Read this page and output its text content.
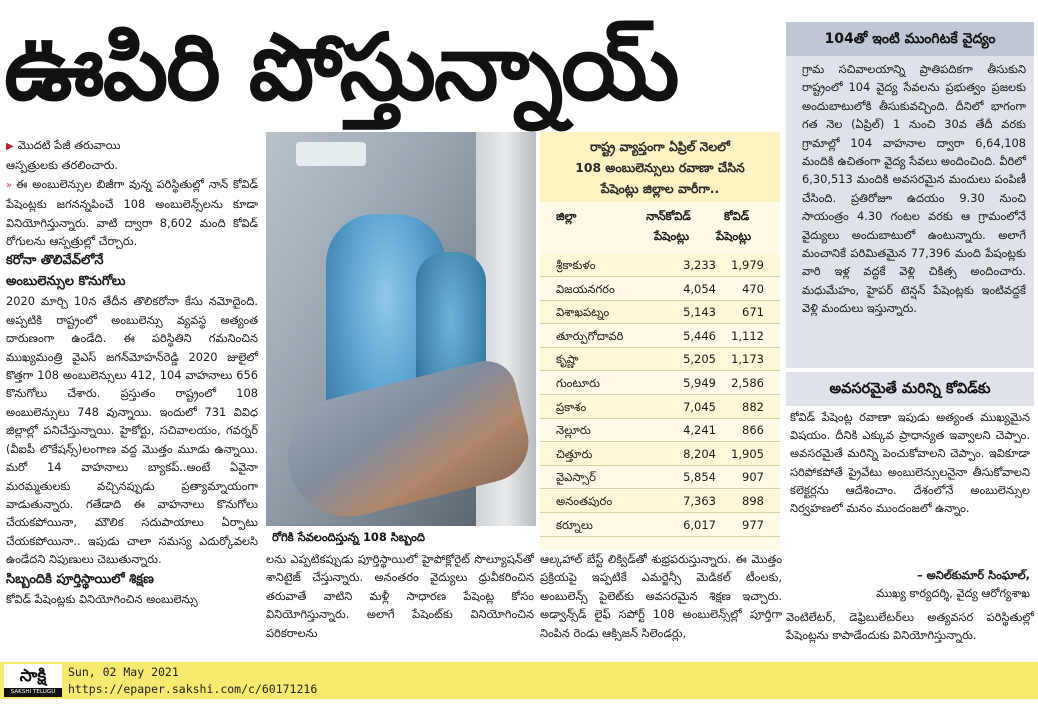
ఊపిరి పోస్తున్నాయ్

▶ మొదటి పేజీ తరువాయి

ఆస్పత్రులకు తరలించారు.

» ఈ అంబులెన్సుల బిజీగా వున్న పరిస్థితుల్లో నాన్ కోవిడ్ పేషెంట్లకు జగనన్నపించే 108 అంబులెన్స్‌లను కూడా వినియోగిస్తున్నారు. వాటి ద్వారా 8,602 మంది కోవిడ్ రోగులను ఆస్పత్రుల్లో చేర్చారు.

కరోనా తొలివేవ్‌లోనే

అంబులెన్సుల కొనుగోలు

2020 మార్చి 10న తేదీన తొలికరోనా కేసు నమోదైంది. అప్పటికి రాష్ట్రంలో అంబులెన్సు వ్యవస్థ అత్యంత దారుణంగా ఉండేది. ఈ పరిస్థితిని గమనించిన ముఖ్యమంత్రి వైఎస్ జగన్‌మోహన్‌రెడ్డి 2020 జులైలో కొత్తగా 108 అంబులెన్సులు 412, 104 వాహనాలు 656 కొనుగోలు చేశారు. ప్రస్తుతం రాష్ట్రంలో 108 అంబులెన్సులు 748 వున్నాయి. ఇందులో 731 వివిధ జిల్లాల్లో పనిచేస్తున్నాయి. హైకోర్టు, సచివాలయం, గవర్నర్ (వీఐపీ లొకేషన్స్)లంగాణ వద్ద మొత్తం మూడు ఉన్నాయి. మరో 14 వాహనాలు బ్యాకప్..అంటే ఏవైనా మరమ్మతులకు వచ్చినప్పుడు ప్రత్యామ్నాయంగా వాడుతున్నారు. గతేడాది ఈ వాహనాలు కొనుగోలు చేయకపోయినా, మౌలిక సదుపాయాలు ఏర్పాటు చేయకపోయినా.. ఇపుడు చాలా సమస్య ఎదుర్కోవలసి ఉండేదని నిపుణులు చెబుతున్నారు.

సిబ్బందికి పూర్తిస్థాయిలో శిక్షణ

కోవిడ్ పేషెంట్లకు వినియోగించిన అంబులెన్సు

రోగికి సేవలందిస్తున్న 108 సిబ్బంది

లను ఎప్పటికప్పుడు పూర్తిస్థాయిలో హైపోక్లోరైట్ సొల్యూషన్‌తో శానిటైజ్ చేస్తున్నారు. అనంతరం వైద్యులు ధ్రువీకరించిన తరువాతే వాటిని మళ్లీ సాధారణ పేషెంట్ల కోసం వినియోగిస్తున్నారు. అలాగే పేషెంట్‌కు వినియోగించిన పరికరాలను

ఆల్కహాల్ బేస్ట్ లిక్విడ్‌తో శుభ్రపరుస్తున్నారు. ఈ మొత్తం ప్రక్రియపై ఇప్పటికే ఎమర్జెన్సీ మెడికల్ టీంలకు, అంబులెన్స్ పైలెట్‌కు అవసరమైన శిక్షణ ఇచ్చారు. అడ్వాన్స్‌డ్ లైఫ్ సపోర్ట్ 108 అంబులెన్స్‌ల్లో పూర్తిగా నింపిన రెండు ఆక్సిజన్ సిలెండర్లు,

రాష్ట్ర వ్యాప్తంగా ఏప్రిల్ నెలలో
108 అంబులెన్సులు రవాణా చేసిన
పేషెంట్లు జిల్లాల వారీగా..
జిల్లా	నాన్‌కోవిడ్
పేషెంట్లు
కోవిడ్
పేషెంట్లు
శ్రీకాకుళం	3,233	1,979
విజయనగరం	4,054	470
విశాఖపట్నం	5,143	671
తూర్పుగోదావరి	5,446	1,112
కృష్ణా	5,205	1,173
గుంటూరు	5,949	2,586
ప్రకాశం	7,045	882
నెల్లూరు	4,241	866
చిత్తూరు	8,204	1,905
వైఎస్సార్	5,854	907
అనంతపురం	7,363	898
కర్నూలు	6,017	977
104తో ఇంటి ముంగిటకే వైద్యం
గ్రామ సచివాలయాన్ని ప్రాతిపదికగా తీసుకుని రాష్ట్రంలో 104 వైద్య సేవలను ప్రభుత్వం ప్రజలకు అందుబాటులోకి తీసుకువచ్చింది. దీనిలో భాగంగా గత నెల (ఏప్రిల్) 1 నుంచి 30వ తేదీ వరకు గ్రామాల్లో 104 వాహనాల ద్వారా 6,64,108 మందికి ఉచితంగా వైద్య సేవలు అందించింది. వీరిలో 6,30,513 మందికి అవసరమైన మందులు పంపిణీ చేసింది. ప్రతిరోజూ ఉదయం 9.30 నుంచి సాయంత్రం 4.30 గంటల వరకు ఆ గ్రామంలోనే వైద్యులు అందుబాటులో ఉంటున్నారు. అలాగే మంచానికే పరిమితమైన 77,396 మంది పేషంట్లకు వారి ఇళ్ల వద్దకే వెళ్లి చికిత్స అందించారు. మధుమేహం, హైపర్ టెన్షన్ పేషెంట్లకు ఇంటివద్దకే వెళ్లి మందులు ఇస్తున్నారు.
అవసరమైతే మరిన్ని కోవిడ్‌కు
కోవిడ్ పేషెంట్ల రవాణా ఇపుడు అత్యంత ముఖ్యమైన విషయం. దీనికి ఎక్కువ ప్రాధాన్యత ఇవ్వాలని చెప్పాం. అవసరమైతే మరిన్ని పెంచుకోవాలని చెప్పాం. ఇవికూడా సరిపోకపోతే ప్రైవేటు అంబులెన్సులనైనా తీసుకోవాలని కలెక్టర్లను ఆదేశించాం. దేశంలోనే అంబులెన్సుల నిర్వహణలో మనం ముందంజలో ఉన్నాం.
– అనిల్‌కుమార్ సింఘాల్,
ముఖ్య కార్యదర్శి, వైద్య ఆరోగ్యశాఖ
వెంటిలేటర్, డెఫ్రిబులేటర్‌లు అత్యవసర పరిస్థితుల్లో పేషెంట్లను కాపాడేందుకు వినియోగిస్తున్నారు.
సాక్షి
SAKSHI TELUGU DAILY
Sun, 02 May 2021
https://epaper.sakshi.com/c/60171216
